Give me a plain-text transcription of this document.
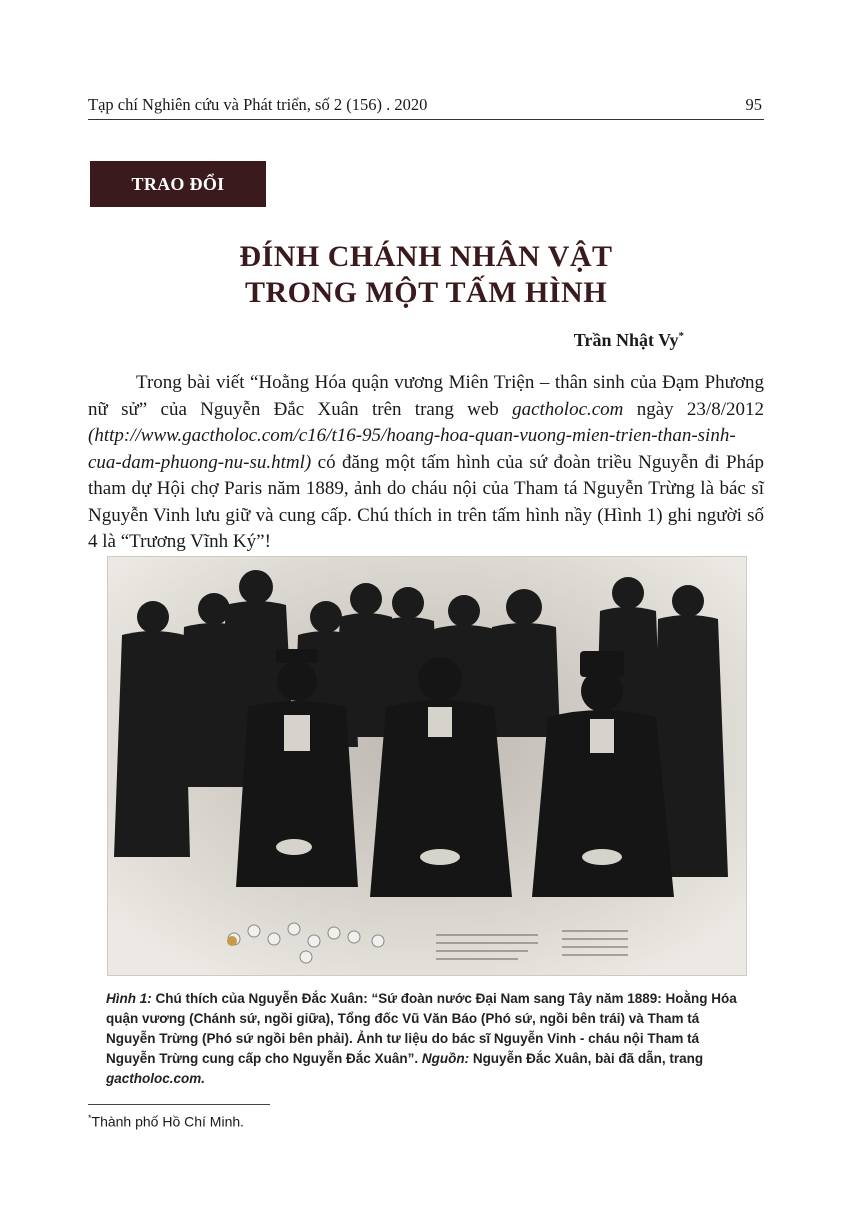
Tạp chí Nghiên cứu và Phát triển, số 2 (156) . 2020	95
TRAO ĐỔI
ĐÍNH CHÁNH NHÂN VẬT
TRONG MỘT TẤM HÌNH
Trần Nhật Vy*

Trong bài viết “Hoằng Hóa quận vương Miên Triện – thân sinh của Đạm Phương nữ sử” của Nguyễn Đắc Xuân trên trang web gactholoc.com ngày 23/8/2012 (http://www.gactholoc.com/c16/t16-95/hoang-hoa-quan-vuong-mien-trien-than-sinh-cua-dam-phuong-nu-su.html) có đăng một tấm hình của sứ đoàn triều Nguyễn đi Pháp tham dự Hội chợ Paris năm 1889, ảnh do cháu nội của Tham tá Nguyễn Trừng là bác sĩ Nguyễn Vinh lưu giữ và cung cấp. Chú thích in trên tấm hình nầy (Hình 1) ghi người số 4 là “Trương Vĩnh Ký”!

Hình 1: Chú thích của Nguyễn Đắc Xuân: “Sứ đoàn nước Đại Nam sang Tây năm 1889: Hoằng Hóa quận vương (Chánh sứ, ngồi giữa), Tổng đốc Vũ Văn Báo (Phó sứ, ngồi bên trái) và Tham tá Nguyễn Trừng (Phó sứ ngồi bên phải). Ảnh tư liệu do bác sĩ Nguyễn Vinh - cháu nội Tham tá Nguyễn Trừng cung cấp cho Nguyễn Đắc Xuân”. Nguồn: Nguyễn Đắc Xuân, bài đã dẫn, trang gactholoc.com.
*Thành phố Hồ Chí Minh.
